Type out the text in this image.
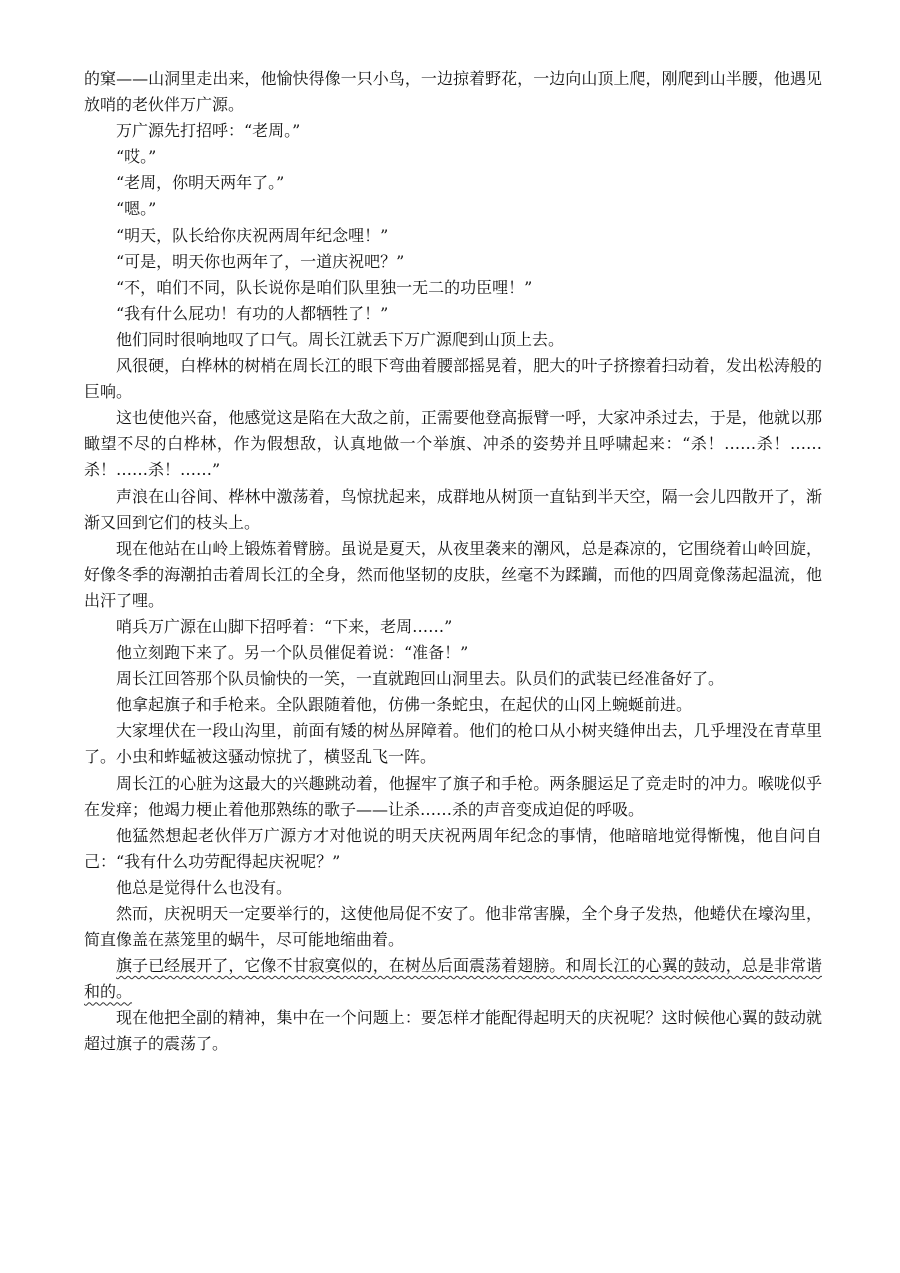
的窠——山洞里走出来，他愉快得像一只小鸟，一边掠着野花，一边向山顶上爬，刚爬到山半腰，他遇见放哨的老伙伴万广源。

万广源先打招呼：“老周。”

“哎。”

“老周，你明天两年了。”

“嗯。”

“明天，队长给你庆祝两周年纪念哩！”

“可是，明天你也两年了，一道庆祝吧？”

“不，咱们不同，队长说你是咱们队里独一无二的功臣哩！”

“我有什么屁功！有功的人都牺牲了！”

他们同时很响地叹了口气。周长江就丢下万广源爬到山顶上去。

风很硬，白桦林的树梢在周长江的眼下弯曲着腰部摇晃着，肥大的叶子挤擦着扫动着，发出松涛般的巨响。

这也使他兴奋，他感觉这是陷在大敌之前，正需要他登高振臂一呼，大家冲杀过去，于是，他就以那瞰望不尽的白桦林，作为假想敌，认真地做一个举旗、冲杀的姿势并且呼啸起来：“杀！……杀！……杀！……杀！……”

声浪在山谷间、桦林中激荡着，鸟惊扰起来，成群地从树顶一直钻到半天空，隔一会儿四散开了，渐渐又回到它们的枝头上。

现在他站在山岭上锻炼着臂膀。虽说是夏天，从夜里袭来的潮风，总是森凉的，它围绕着山岭回旋，好像冬季的海潮拍击着周长江的全身，然而他坚韧的皮肤，丝毫不为蹂躏，而他的四周竟像荡起温流，他出汗了哩。

哨兵万广源在山脚下招呼着：“下来，老周……”

他立刻跑下来了。另一个队员催促着说：“准备！”

周长江回答那个队员愉快的一笑，一直就跑回山洞里去。队员们的武装已经准备好了。

他拿起旗子和手枪来。全队跟随着他，仿佛一条蛇虫，在起伏的山冈上蜿蜒前进。

大家埋伏在一段山沟里，前面有矮的树丛屏障着。他们的枪口从小树夹缝伸出去，几乎埋没在青草里了。小虫和蚱蜢被这骚动惊扰了，横竖乱飞一阵。

周长江的心脏为这最大的兴趣跳动着，他握牢了旗子和手枪。两条腿运足了竞走时的冲力。喉咙似乎在发痒；他竭力梗止着他那熟练的歌子——让杀……杀的声音变成迫促的呼吸。

他猛然想起老伙伴万广源方才对他说的明天庆祝两周年纪念的事情，他暗暗地觉得惭愧，他自问自己：“我有什么功劳配得起庆祝呢？”

他总是觉得什么也没有。

然而，庆祝明天一定要举行的，这使他局促不安了。他非常害臊，全个身子发热，他蜷伏在壕沟里，简直像盖在蒸笼里的蜗牛，尽可能地缩曲着。

旗子已经展开了，它像不甘寂寞似的，在树丛后面震荡着翅膀。和周长江的心翼的鼓动，总是非常谐和的。

现在他把全副的精神，集中在一个问题上：要怎样才能配得起明天的庆祝呢？这时候他心翼的鼓动就超过旗子的震荡了。
